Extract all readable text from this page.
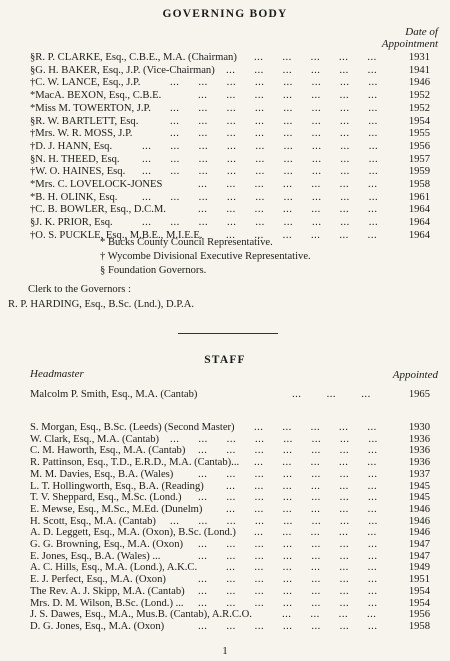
GOVERNING BODY
Date of
Appointment
§R. P. CLARKE, Esq., C.B.E., M.A. (Chairman)	1931
...      ...      ...      ...      ...
§G. H. BAKER, Esq., J.P. (Vice-Chairman)	1941
...      ...      ...      ...      ...      ...
†C. W. LANCE, Esq., J.P.	1946
...      ...      ...      ...      ...      ...      ...      ...
*MacA. BEXON, Esq., C.B.E.	1952
...      ...      ...      ...      ...      ...      ...
*Miss M. TOWERTON, J.P.	1952
...      ...      ...      ...      ...      ...      ...      ...
§R. W. BARTLETT, Esq.	1954
...      ...      ...      ...      ...      ...      ...      ...
†Mrs. W. R. MOSS, J.P.	1955
...      ...      ...      ...      ...      ...      ...      ...
†D. J. HANN, Esq.	1956
...      ...      ...      ...      ...      ...      ...      ...      ...
§N. H. THEED, Esq.	1957
...      ...      ...      ...      ...      ...      ...      ...      ...
†W. O. HAINES, Esq.	1959
...      ...      ...      ...      ...      ...      ...      ...      ...
*Mrs. C. LOVELOCK-JONES	1958
...      ...      ...      ...      ...      ...      ...
*B. H. OLINK, Esq.	1961
...      ...      ...      ...      ...      ...      ...      ...      ...
†C. B. BOWLER, Esq., D.C.M.	1964
...      ...      ...      ...      ...      ...      ...
§J. K. PRIOR, Esq.	1964
...      ...      ...      ...      ...      ...      ...      ...      ...
†O. S. PUCKLE, Esq., M.B.E., M.I.E.E.	1964
...      ...      ...      ...      ...      ...
* Bucks County Council Representative.
† Wycombe Divisional Executive Representative.
§ Foundation Governors.
Clerk to the Governors :
R. P. HARDING, Esq., B.Sc. (Lnd.), D.P.A.
STAFF
Headmaster	Appointed
Malcolm P. Smith, Esq., M.A. (Cantab)	...        ...        ...	1965
S. Morgan, Esq., B.Sc. (Leeds) (Second Master)	1930
...      ...      ...      ...      ...
W. Clark, Esq., M.A. (Cantab)	1936
...      ...      ...      ...      ...      ...      ...      ...
C. M. Haworth, Esq., M.A. (Cantab)	1936
...      ...      ...      ...      ...      ...      ...
R. Pattinson, Esq., T.D., E.R.D., M.A. (Cantab)...	1936
...      ...      ...      ...      ...
M. M. Davies, Esq., B.A. (Wales)	1937
...      ...      ...      ...      ...      ...      ...
L. T. Hollingworth, Esq., B.A. (Reading)	1945
...      ...      ...      ...      ...      ...
T. V. Sheppard, Esq., M.Sc. (Lond.)	1945
...      ...      ...      ...      ...      ...      ...
E. Mewse, Esq., M.Sc., M.Ed. (Dunelm)	1946
...      ...      ...      ...      ...      ...
H. Scott, Esq., M.A. (Cantab)	1946
...      ...      ...      ...      ...      ...      ...      ...
A. D. Leggett, Esq., M.A. (Oxon), B.Sc. (Lond.)	1946
...      ...      ...      ...      ...
G. G. Browning, Esq., M.A. (Oxon)	1947
...      ...      ...      ...      ...      ...      ...
E. Jones, Esq., B.A. (Wales) ...	1947
...      ...      ...      ...      ...      ...      ...
A. C. Hills, Esq., M.A. (Lond.), A.K.C.	1949
...      ...      ...      ...      ...      ...
E. J. Perfect, Esq., M.A. (Oxon)	1951
...      ...      ...      ...      ...      ...      ...
The Rev. A. J. Skipp, M.A. (Cantab)	1954
...      ...      ...      ...      ...      ...      ...
Mrs. D. M. Wilson, B.Sc. (Lond.) ...	1954
...      ...      ...      ...      ...      ...      ...
J. S. Dawes, Esq., M.A., Mus.B. (Cantab), A.R.C.O.	1956
...      ...      ...      ...
D. G. Jones, Esq., M.A. (Oxon)	1958
...      ...      ...      ...      ...      ...      ...
1
